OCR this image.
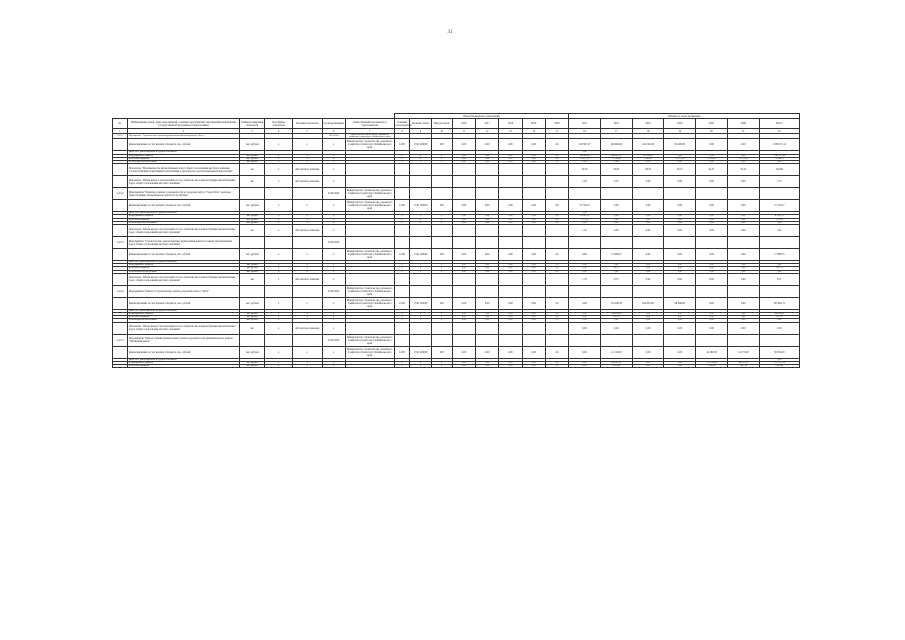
31
							Объем бюджетных ассигнований								Объемы по годам реализации						
№	Наименование целей, задач, мероприятий, основных мероприятий, мероприятий, направлений государственной программы (подпрограммы)	Единица измерения показателя	Код формы показателя	Значение показателя	Сроки реализации	Ответственный исполнитель и соисполнители	Главный распорядитель	Целевая статья	Вид расходов	2016	2017	2018	2019	2020	2021	2022	2023	2024	2025	2026	Всего
1	2	3	4	5	6	7	8	9	10	11	12	13	14	15	16	17	18	19	20	21	22
1.4.2.1	Мероприятие "Строительство и реконструкция автомобильной дороги в г. Брест"				2019-2024	Министерство строительства, дорожного хозяйства и транспорта Забайкальского края															
	финансирование за счет краевого бюджета, тыс. рублей	тыс. рублей	х	х	х	Министерство строительства, дорожного хозяйства и транспорта Забайкальского края	14 00	1740 120020	200	0,00	0,00	0,00	0,00	0,0	126 597,17	104 684,84	224 545,00	95 400,00	0,00	0,00	1 089 571,11
	кроме того, финансирование из других источников:														0,00						
	из федерального бюджета	тыс. рублей	х	х	х		х	х	х	0,00	0,00	0,00	0,00	0,0	546 900,00	549 181,79	389 154,00	0,00	0,00	0,00	1 545 715,80
	из местных бюджетов	тыс. рублей	х	х	х		х	х	х	0,00	0,00	0,00	0,00	0,0	11 471,70	11 798,84	2 505,00	11 171,00	19 700,00	11 175,00	70 543,22
	из внебюджетных источников	тыс. рублей	х	х	х		х	х	х	0,00	0,00	0,00	0,00	0,0	0,00	0,00	0,00	0,00	0,00	0,00	0,00
	Показатель "Протяженность автомобильных дорог общего пользования местного значения, соответствующих нормативным требованиям к транспортно-эксплуатационным показателям"	км	х	Абсолютное значение	х										20,78	24,83	38,33	43,27	42,71	54,14	224,06
	Показатель "Объем ввода в эксплуатацию после строительства и реконструкции автомобильных дорог общего пользования местного значения"	км	х	Абсолютное значение	х										1,20	0,37	0,00	0,00	0,00	0,00	1,57
1.4.2.2	Мероприятие "Развитие и ремонт дорожной сети в городском округе "Город Чита", включая реконструкцию автомобильной дороги по ул. Бутина"				2019-2024	Министерство строительства, дорожного хозяйства и транспорта Забайкальского края															
	финансирование за счет краевого бюджета, тыс. рублей	тыс. рублей	х	х	х	Министерство строительства, дорожного хозяйства и транспорта Забайкальского края	14 00	1740 120020	200	0,00	0,00	0,00	0,00	0,0	72 745,27	0,00	0,00	0,00	0,00	0,00	72 745,27
	кроме того, финансирование из других источников:														0,00						
	из федерального бюджета	тыс. рублей	х	х	х		х	х	х	0,00	0,00	0,00	0,00	0,0	67 201,11	0,00	0,00	0,00	0,00	0,00	67 201,11
	из местных бюджетов	тыс. рублей	х	х	х		х	х	х	0,00	0,00	0,00	0,00	0,0	2 171,29	0,00	0,00	0,00	0,00	0,00	2 171,29
	из внебюджетных источников	тыс. рублей	х	х	х		х	х	х	0,00	0,00	0,00	0,00	0,0	0,00	0,00	0,00	0,00	0,00	0,00	0,00
	Показатель "Объем ввода в эксплуатацию после строительства и реконструкции автомобильных дорог общего пользования местного значения"	км	х	Абсолютное значение	х										1,91	0,00	0,00	0,00	0,00	0,00	1,91
1.4.2.3	Мероприятие "Строительство, реконструкция, капитальный ремонт и ремонт автомобильных дорог общего пользования местного значения"				2019-2024																
	финансирование за счет краевого бюджета, тыс. рублей	тыс. рублей	х	х	х	Министерство строительства, дорожного хозяйства и транспорта Забайкальского края	14 00	1740 120020	200	0,00	0,00	0,00	0,00	0,0	0,00	17 088,25	0,00	0,00	0,00	0,00	17 088,25
	кроме того, финансирование из других источников:																				
	из федерального бюджета	тыс. рублей	х	х	х		х	х	х	0,00	0,00	0,00	0,00	0,0	0,00	0,00	0,00	0,00	0,00	0,00	0,00
	из местных бюджетов	тыс. рублей	х	х	х		х	х	х	0,00	0,00	0,00	0,00	0,0	0,00	347,73	0,00	0,00	0,00	0,00	347,73
	из внебюджетных источников	тыс. рублей	х	х	х		х	х	х	0,00	0,00	0,00	0,00	0,0	0,00	0,00	0,00	0,00	0,00	0,00	0,00
	Показатель "Объем ввода в эксплуатацию после строительства и реконструкции автомобильных дорог общего пользования местного значения"	км	х	Абсолютное значение	х										1,70	0,37	0,00	0,00	0,00	0,00	0,37
1.4.2.4	Мероприятие "Ремонт и строительство улично-дорожной сети в г. Чита"				2019-2024	Министерство строительства, дорожного хозяйства и транспорта Забайкальского края															
	финансирование за счет краевого бюджета, тыс. рублей	тыс. рублей	х	х	х	Министерство строительства, дорожного хозяйства и транспорта Забайкальского края	14 00	1740 120020	200	0,00	0,00	0,00	0,00	0,0	0,00	174 266,33	224 945,00	96 400,00	0,00	0,00	505 992,11
	кроме того, финансирование из других источников:																				
	из федерального бюджета	тыс. рублей	х	х	х		х	х	х	0,00	0,00	0,00	0,00	0,0	0,00	386 100,00	0,00	0,00	0,00	0,00	386 100,00
	из местных бюджетов	тыс. рублей	х	х	х		х	х	х	0,00	0,00	0,00	0,00	0,0	0,00	317,79	0,00	0,00	0,00	0,00	317,79
	из внебюджетных источников	тыс. рублей	х	х	х		х	х	х	0,00	0,00	0,00	0,00	0,0	0,00	0,00	0,00	0,00	0,00	0,00	0,00
	Показатель "Объем ввода в эксплуатацию после строительства и реконструкции автомобильных дорог общего пользования местного значения"	км	х	Абсолютное значение	х										0,00	0,00	0,00	0,00	0,00	0,00	0,00
1.4.2.5	Мероприятие "Ремонт и капитальный ремонт улично-дорожной сети муниципального района "Читинский район"				2019-2024	Министерство строительства, дорожного хозяйства и транспорта Забайкальского края															
	финансирование за счет краевого бюджета, тыс. рублей	тыс. рублей	х	х	х	Министерство строительства, дорожного хозяйства и транспорта Забайкальского края	14 00	1740 120020	200	0,00	0,00	0,00	0,00	0,0	0,00	21 120,00	0,00	0,00	14 180,38	14 175,00	58 054,00
	кроме того, финансирование из других источников:																				0,00
	из федерального бюджета	тыс. рублей	х	х	х		х	х	х	0,00	0,00	0,00	0,00	0,0	0,00	100 813,20	0,00	0,00	1 117 504,16	60 037,74	1 277 355,10
	из местных бюджетов	тыс. рублей	х	х	х		х	х	х	0,00	0,00	0,00	0,00	0,0	0,00	2 112,00	0,00	0,00	1 418,04	1 417,50	5 805,40
